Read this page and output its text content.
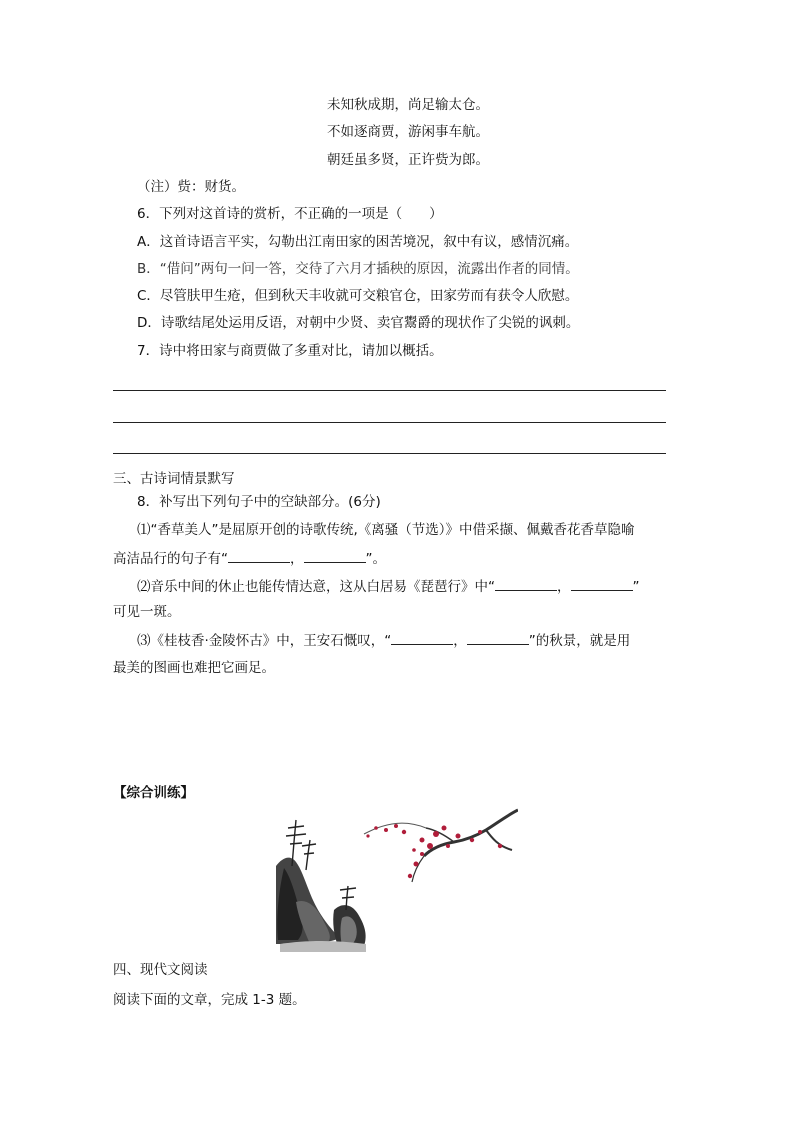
未知秋成期，尚足输太仓。
不如逐商贾，游闲事车航。
朝廷虽多贤，正许赀为郎。
（注）赀：财货。
6．下列对这首诗的赏析，不正确的一项是（　　）
A．这首诗语言平实，勾勒出江南田家的困苦境况，叙中有议，感情沉痛。
B．“借问”两句一问一答，交待了六月才插秧的原因，流露出作者的同情。
C．尽管肤甲生疮，但到秋天丰收就可交粮官仓，田家劳而有获令人欣慰。
D．诗歌结尾处运用反语，对朝中少贤、卖官鬻爵的现状作了尖锐的讽刺。
7．诗中将田家与商贾做了多重对比，请加以概括。
三、古诗词情景默写
8．补写出下列句子中的空缺部分。(6分)
⑴“香草美人”是屈原开创的诗歌传统,《离骚（节选）》中借采撷、佩戴香花香草隐喻
高洁品行的句子有“	，	”。
⑵音乐中间的休止也能传情达意，这从白居易《琵琶行》中“	，	”
可见一斑。
⑶《桂枝香·金陵怀古》中，王安石慨叹，“	，	”的秋景，就是用
最美的图画也难把它画足。
【综合训练】
四、现代文阅读
阅读下面的文章，完成 1-3 题。
